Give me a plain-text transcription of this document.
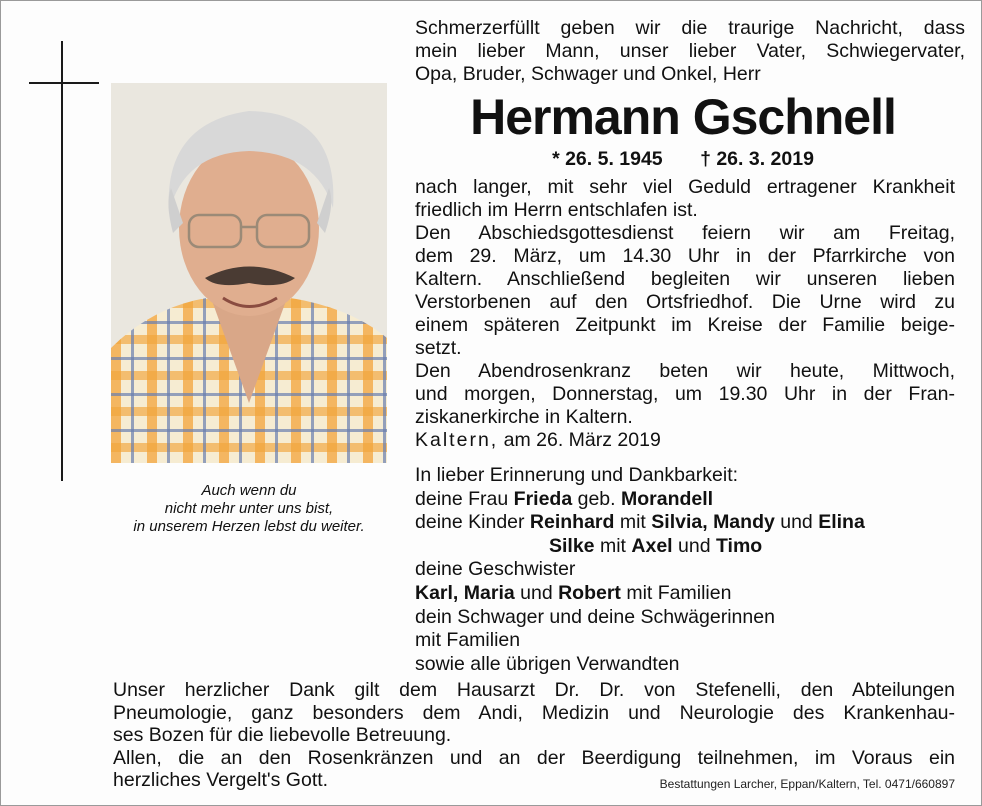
Auch wenn du
nicht mehr unter uns bist,
in unserem Herzen lebst du weiter.
Schmerzerfüllt geben wir die traurige Nachricht, dass
mein lieber Mann, unser lieber Vater, Schwiegervater,
Opa, Bruder, Schwager und Onkel, Herr
Hermann Gschnell
* 26. 5. 1945 † 26. 3. 2019
nach langer, mit sehr viel Geduld ertragener Krankheit
friedlich im Herrn entschlafen ist.
Den Abschiedsgottesdienst feiern wir am Freitag,
dem 29. März, um 14.30 Uhr in der Pfarrkirche von
Kaltern. Anschließend begleiten wir unseren lieben
Verstorbenen auf den Ortsfriedhof. Die Urne wird zu
einem späteren Zeitpunkt im Kreise der Familie beige-
setzt.
Den Abendrosenkranz beten wir heute, Mittwoch,
und morgen, Donnerstag, um 19.30 Uhr in der Fran-
ziskanerkirche in Kaltern.
Kaltern, am 26. März 2019
In lieber Erinnerung und Dankbarkeit:
deine Frau Frieda geb. Morandell
deine Kinder Reinhard mit Silvia, Mandy und Elina
Silke mit Axel und Timo
deine Geschwister
Karl, Maria und Robert mit Familien
dein Schwager und deine Schwägerinnen
mit Familien
sowie alle übrigen Verwandten
Unser herzlicher Dank gilt dem Hausarzt Dr. Dr. von Stefenelli, den Abteilungen
Pneumologie, ganz besonders dem Andi, Medizin und Neurologie des Krankenhau-
ses Bozen für die liebevolle Betreuung.
Allen, die an den Rosenkränzen und an der Beerdigung teilnehmen, im Voraus ein
herzliches Vergelt's Gott.	Bestattungen Larcher, Eppan/Kaltern, Tel. 0471/660897
